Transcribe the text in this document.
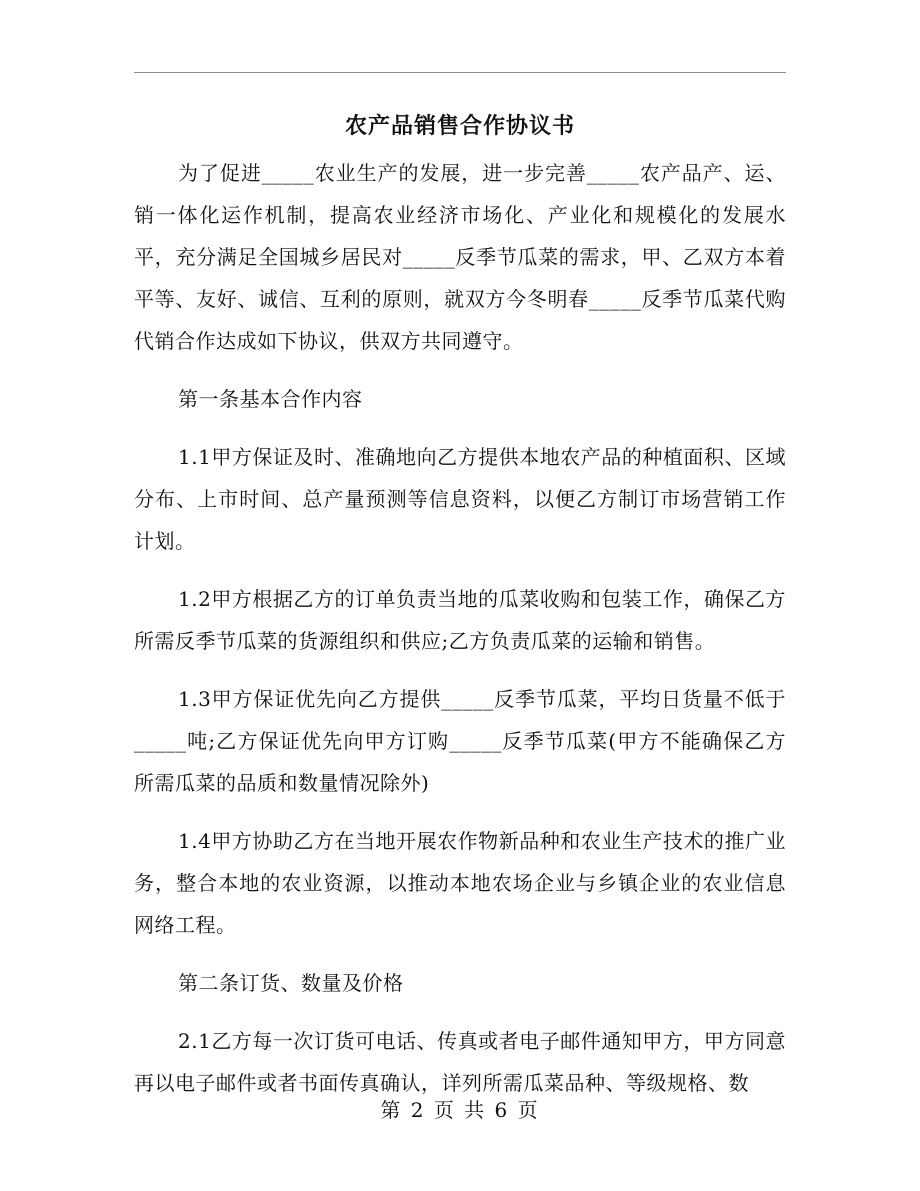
农产品销售合作协议书

为了促进_____农业生产的发展，进一步完善_____农产品产、运、销一体化运作机制，提高农业经济市场化、产业化和规模化的发展水平，充分满足全国城乡居民对_____反季节瓜菜的需求，甲、乙双方本着平等、友好、诚信、互利的原则，就双方今冬明春_____反季节瓜菜代购代销合作达成如下协议，供双方共同遵守。

第一条基本合作内容

1.1甲方保证及时、准确地向乙方提供本地农产品的种植面积、区域分布、上市时间、总产量预测等信息资料，以便乙方制订市场营销工作计划。

1.2甲方根据乙方的订单负责当地的瓜菜收购和包装工作，确保乙方所需反季节瓜菜的货源组织和供应;乙方负责瓜菜的运输和销售。

1.3甲方保证优先向乙方提供_____反季节瓜菜，平均日货量不低于_____吨;乙方保证优先向甲方订购_____反季节瓜菜(甲方不能确保乙方所需瓜菜的品质和数量情况除外)

1.4甲方协助乙方在当地开展农作物新品种和农业生产技术的推广业务，整合本地的农业资源，以推动本地农场企业与乡镇企业的农业信息网络工程。

第二条订货、数量及价格

2.1乙方每一次订货可电话、传真或者电子邮件通知甲方，甲方同意再以电子邮件或者书面传真确认，详列所需瓜菜品种、等级规格、数

第 2 页 共 6 页
